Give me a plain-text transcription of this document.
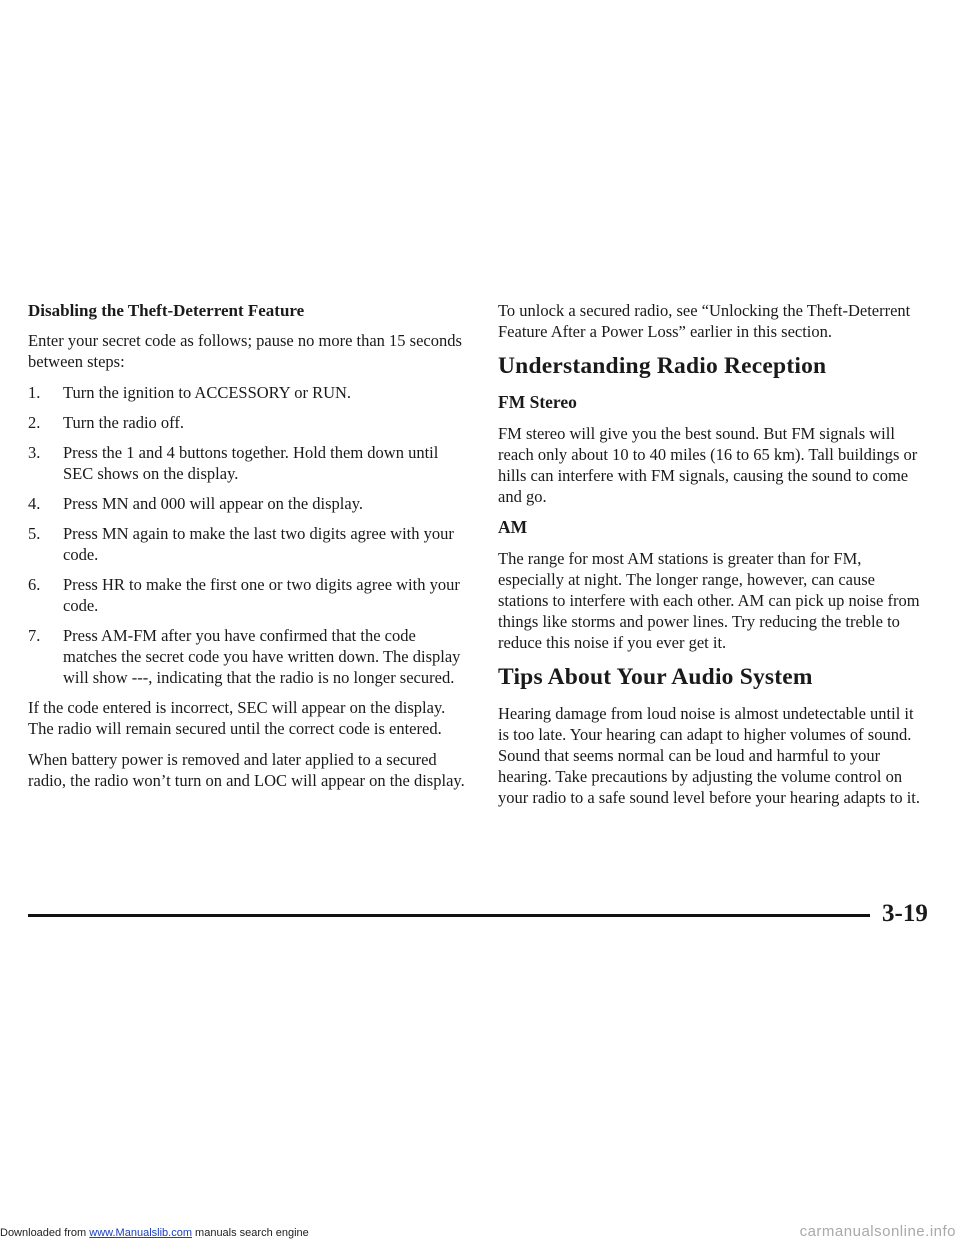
Disabling the Theft-Deterrent Feature

Enter your secret code as follows; pause no more than 15 seconds between steps:

1. Turn the ignition to ACCESSORY or RUN.
2. Turn the radio off.
3. Press the 1 and 4 buttons together. Hold them down until SEC shows on the display.
4. Press MN and 000 will appear on the display.
5. Press MN again to make the last two digits agree with your code.
6. Press HR to make the first one or two digits agree with your code.
7. Press AM-FM after you have confirmed that the code matches the secret code you have written down. The display will show ---, indicating that the radio is no longer secured.

If the code entered is incorrect, SEC will appear on the display. The radio will remain secured until the correct code is entered.

When battery power is removed and later applied to a secured radio, the radio won’t turn on and LOC will appear on the display.

To unlock a secured radio, see “Unlocking the Theft-Deterrent Feature After a Power Loss” earlier in this section.

Understanding Radio Reception
FM Stereo

FM stereo will give you the best sound. But FM signals will reach only about 10 to 40 miles (16 to 65 km). Tall buildings or hills can interfere with FM signals, causing the sound to come and go.

AM

The range for most AM stations is greater than for FM, especially at night. The longer range, however, can cause stations to interfere with each other. AM can pick up noise from things like storms and power lines. Try reducing the treble to reduce this noise if you ever get it.

Tips About Your Audio System

Hearing damage from loud noise is almost undetectable until it is too late. Your hearing can adapt to higher volumes of sound. Sound that seems normal can be loud and harmful to your hearing. Take precautions by adjusting the volume control on your radio to a safe sound level before your hearing adapts to it.

3-19
Downloaded from www.Manualslib.com manuals search engine	carmanualsonline.info
